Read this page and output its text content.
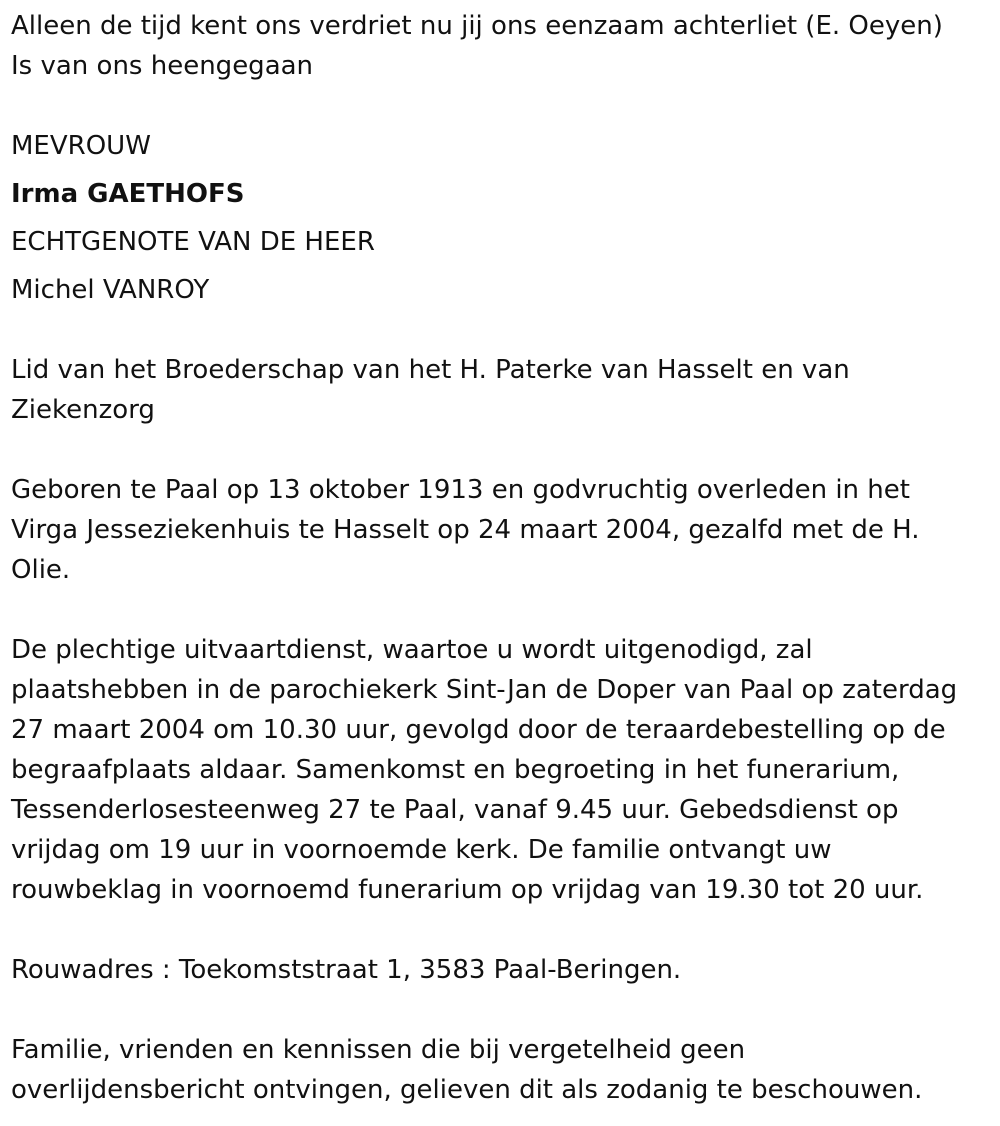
Alleen de tijd kent ons verdriet nu jij ons eenzaam achterliet (E. Oeyen)
Is van ons heengegaan
MEVROUW
Irma GAETHOFS
ECHTGENOTE VAN DE HEER
Michel VANROY
Lid van het Broederschap van het H. Paterke van Hasselt en van
Ziekenzorg
Geboren te Paal op 13 oktober 1913 en godvruchtig overleden in het
Virga Jesseziekenhuis te Hasselt op 24 maart 2004, gezalfd met de H.
Olie.
De plechtige uitvaartdienst, waartoe u wordt uitgenodigd, zal
plaatshebben in de parochiekerk Sint-Jan de Doper van Paal op zaterdag
27 maart 2004 om 10.30 uur, gevolgd door de teraardebestelling op de
begraafplaats aldaar. Samenkomst en begroeting in het funerarium,
Tessenderlosesteenweg 27 te Paal, vanaf 9.45 uur. Gebedsdienst op
vrijdag om 19 uur in voornoemde kerk. De familie ontvangt uw
rouwbeklag in voornoemd funerarium op vrijdag van 19.30 tot 20 uur.
Rouwadres : Toekomststraat 1, 3583 Paal-Beringen.
Familie, vrienden en kennissen die bij vergetelheid geen
overlijdensbericht ontvingen, gelieven dit als zodanig te beschouwen.
